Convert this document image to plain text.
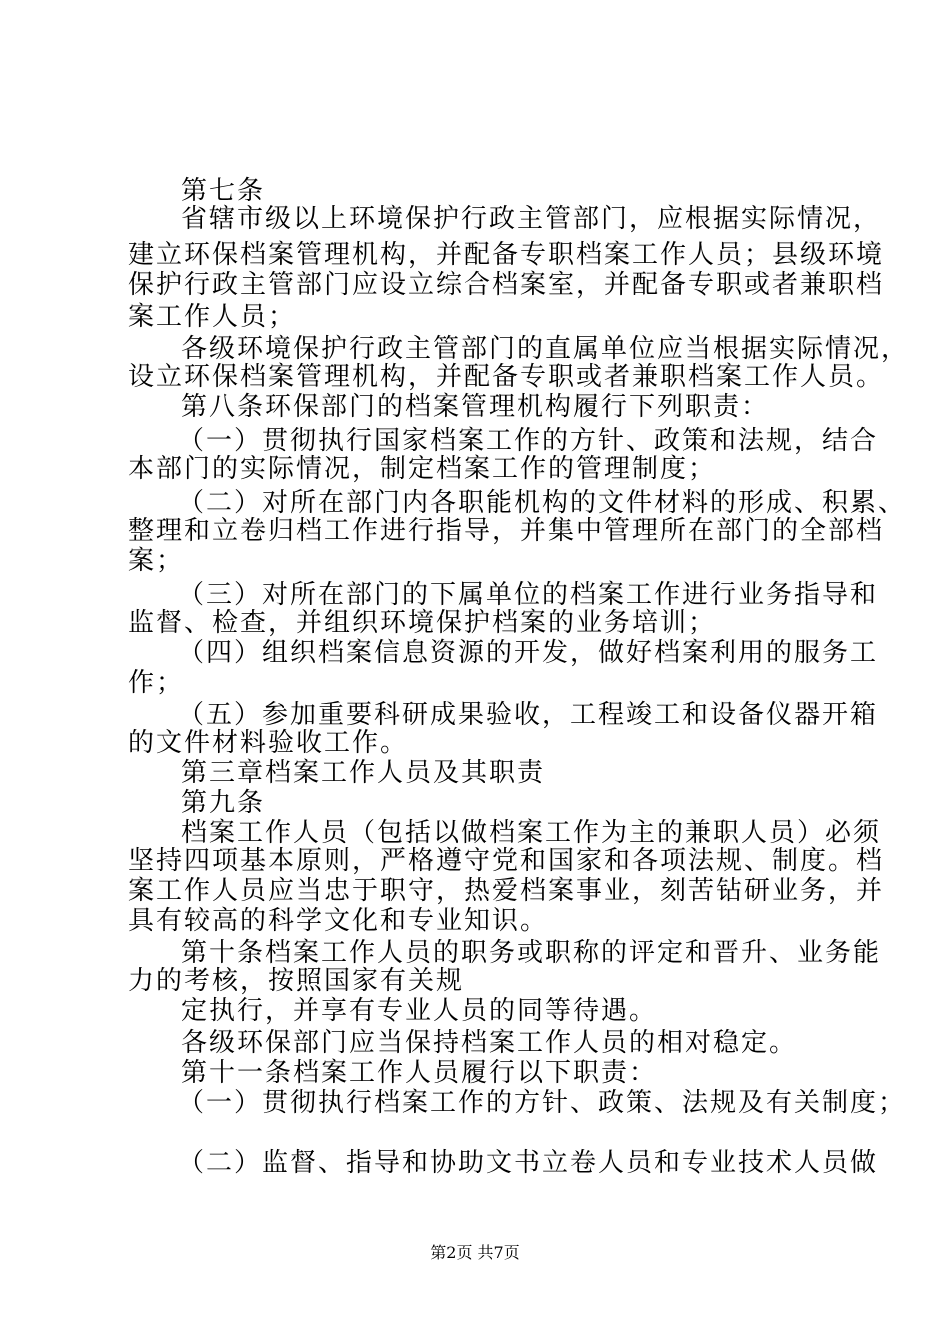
第七条
省辖市级以上环境保护行政主管部门，应根据实际情况，
建立环保档案管理机构，并配备专职档案工作人员；县级环境
保护行政主管部门应设立综合档案室，并配备专职或者兼职档
案工作人员；
各级环境保护行政主管部门的直属单位应当根据实际情况，
设立环保档案管理机构，并配备专职或者兼职档案工作人员。
第八条环保部门的档案管理机构履行下列职责：
（一）贯彻执行国家档案工作的方针、政策和法规，结合
本部门的实际情况，制定档案工作的管理制度；
（二）对所在部门内各职能机构的文件材料的形成、积累、
整理和立卷归档工作进行指导，并集中管理所在部门的全部档
案；
（三）对所在部门的下属单位的档案工作进行业务指导和
监督、检查，并组织环境保护档案的业务培训；
（四）组织档案信息资源的开发，做好档案利用的服务工
作；
（五）参加重要科研成果验收，工程竣工和设备仪器开箱
的文件材料验收工作。
第三章档案工作人员及其职责
第九条
档案工作人员（包括以做档案工作为主的兼职人员）必须
坚持四项基本原则，严格遵守党和国家和各项法规、制度。档
案工作人员应当忠于职守，热爱档案事业，刻苦钻研业务，并
具有较高的科学文化和专业知识。
第十条档案工作人员的职务或职称的评定和晋升、业务能
力的考核，按照国家有关规
定执行，并享有专业人员的同等待遇。
各级环保部门应当保持档案工作人员的相对稳定。
第十一条档案工作人员履行以下职责：
（一）贯彻执行档案工作的方针、政策、法规及有关制度；
（二）监督、指导和协助文书立卷人员和专业技术人员做
第2页 共7页
